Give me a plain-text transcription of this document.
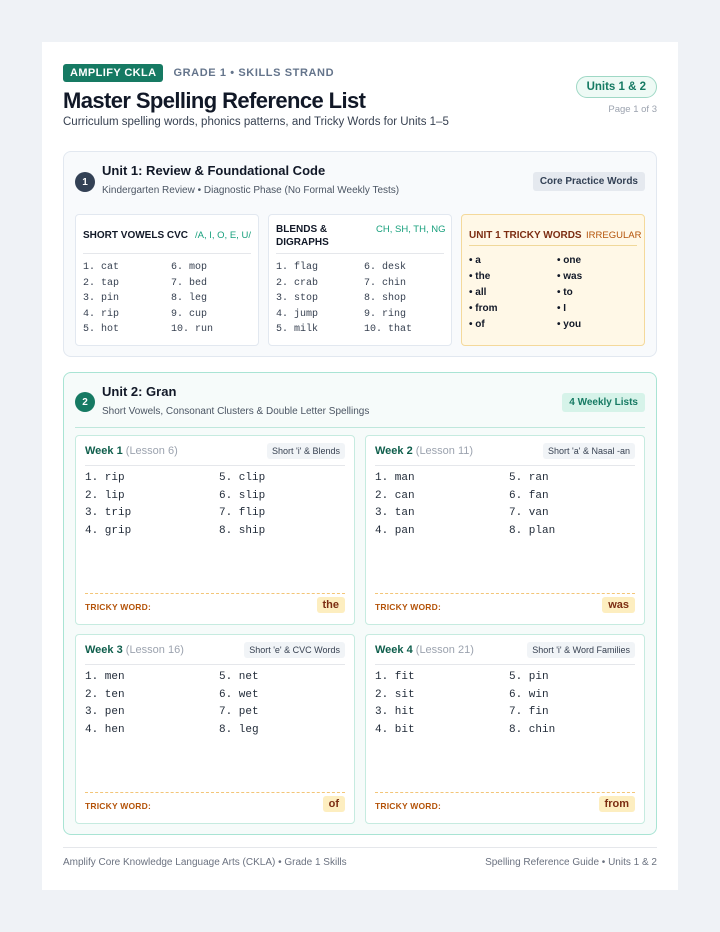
AMPLIFY CKLA	GRADE 1 • SKILLS STRAND
Master Spelling Reference List
Curriculum spelling words, phonics patterns, and Tricky Words for Units 1–5
Units 1 & 2
Page 1 of 3
1
Unit 1: Review & Foundational Code
Kindergarten Review • Diagnostic Phase (No Formal Weekly Tests)
Core Practice Words
SHORT VOWELS CVC /A, I, O, E, U/
1. cat	6. mop
2. tap	7. bed
3. pin	8. leg
4. rip	9. cup
5. hot	10. run
BLENDS & DIGRAPHS
CH, SH, TH, NG
1. flag	6. desk
2. crab	7. chin
3. stop	8. shop
4. jump	9. ring
5. milk	10. that
UNIT 1 TRICKY WORDS IRREGULAR
• a	• one
• the	• was
• all	• to
• from	• I
• of	• you
2
Unit 2: Gran
Short Vowels, Consonant Clusters & Double Letter Spellings
4 Weekly Lists
Week 1 (Lesson 6)	Short 'i' & Blends
1. rip	5. clip
2. lip	6. slip
3. trip	7. flip
4. grip	8. ship
TRICKY WORD:	the
Week 2 (Lesson 11)	Short 'a' & Nasal -an
1. man	5. ran
2. can	6. fan
3. tan	7. van
4. pan	8. plan
TRICKY WORD:	was
Week 3 (Lesson 16)	Short 'e' & CVC Words
1. men	5. net
2. ten	6. wet
3. pen	7. pet
4. hen	8. leg
TRICKY WORD:	of
Week 4 (Lesson 21)	Short 'i' & Word Families
1. fit	5. pin
2. sit	6. win
3. hit	7. fin
4. bit	8. chin
TRICKY WORD:	from
Amplify Core Knowledge Language Arts (CKLA) • Grade 1 Skills	Spelling Reference Guide • Units 1 & 2
